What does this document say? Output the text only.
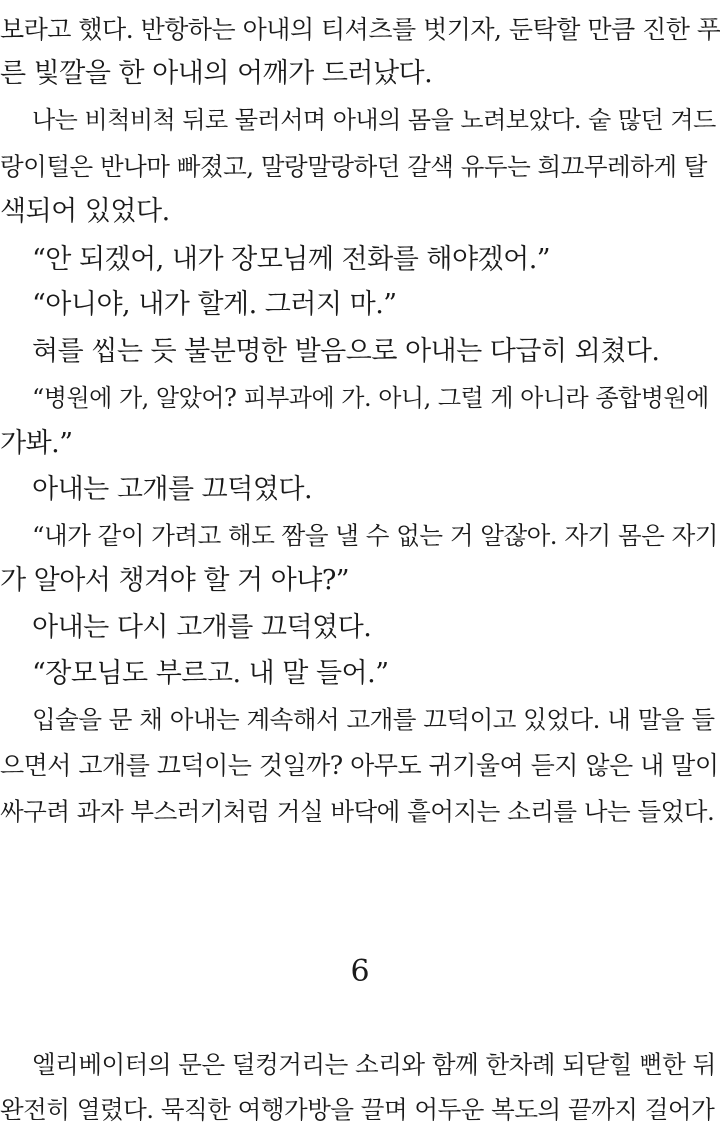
보라고 했다. 반항하는 아내의 티셔츠를 벗기자, 둔탁할 만큼 진한 푸
른 빛깔을 한 아내의 어깨가 드러났다.
나는 비척비척 뒤로 물러서며 아내의 몸을 노려보았다. 숱 많던 겨드
랑이털은 반나마 빠졌고, 말랑말랑하던 갈색 유두는 희끄무레하게 탈
색되어 있었다.
“안 되겠어, 내가 장모님께 전화를 해야겠어.”
“아니야, 내가 할게. 그러지 마.”
혀를 씹는 듯 불분명한 발음으로 아내는 다급히 외쳤다.
“병원에 가, 알았어? 피부과에 가. 아니, 그럴 게 아니라 종합병원에
가봐.”
아내는 고개를 끄덕였다.
“내가 같이 가려고 해도 짬을 낼 수 없는 거 알잖아. 자기 몸은 자기
가 알아서 챙겨야 할 거 아냐?”
아내는 다시 고개를 끄덕였다.
“장모님도 부르고. 내 말 들어.”
입술을 문 채 아내는 계속해서 고개를 끄덕이고 있었다. 내 말을 들
으면서 고개를 끄덕이는 것일까? 아무도 귀기울여 듣지 않은 내 말이
싸구려 과자 부스러기처럼 거실 바닥에 흩어지는 소리를 나는 들었다.
6
엘리베이터의 문은 덜컹거리는 소리와 함께 한차례 되닫힐 뻔한 뒤
완전히 열렸다. 묵직한 여행가방을 끌며 어두운 복도의 끝까지 걸어가
